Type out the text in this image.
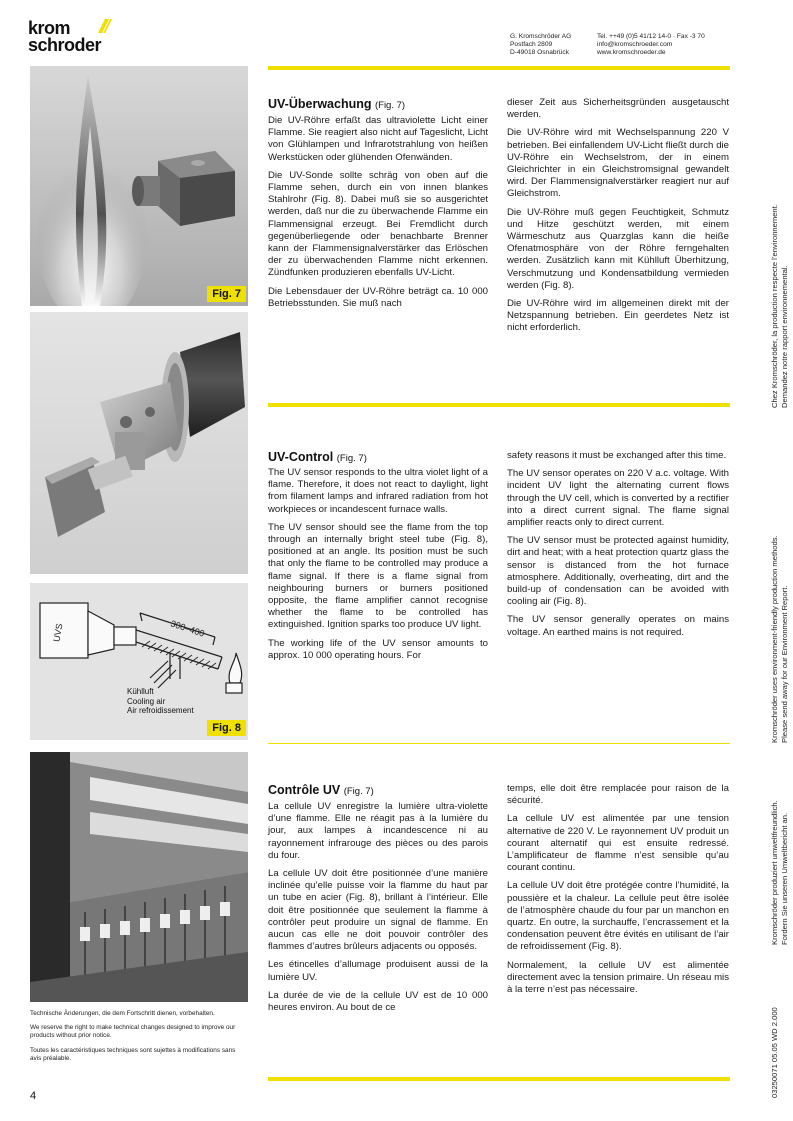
krom
schroder	G. Kromschröder AG
Postfach 2809
D-49018 Osnabrück
Tel. ++49 (0)5 41/12 14-0 · Fax -3 70
info@kromschroeder.com
www.kromschroeder.de
Fig. 7
UVS	300–400
Kühlluft
Cooling air
Air refroidissement
Fig. 8

Technische Änderungen, die dem Fortschritt dienen, vorbehalten.

We reserve the right to make technical changes designed to improve our products without prior notice.

Toutes les caractéristiques techniques sont sujettes à modifications sans avis préalable.

4
UV-Überwachung (Fig. 7)

Die UV-Röhre erfaßt das ultraviolette Licht einer Flamme. Sie reagiert also nicht auf Tageslicht, Licht von Glühlampen und Infrarotstrahlung von heißen Werkstücken oder glühenden Ofenwänden.

Die UV-Sonde sollte schräg von oben auf die Flamme sehen, durch ein von innen blankes Stahlrohr (Fig. 8). Dabei muß sie so ausgerichtet werden, daß nur die zu überwachende Flamme ein Flammensignal erzeugt. Bei Fremdlicht durch gegenüberliegende oder benachbarte Brenner kann der Flammensignalverstärker das Erlöschen der zu überwachenden Flamme nicht erkennen. Zündfunken produzieren ebenfalls UV-Licht.

Die Lebensdauer der UV-Röhre beträgt ca. 10 000 Betriebsstunden. Sie muß nach

dieser Zeit aus Sicherheitsgründen ausgetauscht werden.

Die UV-Röhre wird mit Wechselspannung 220 V betrieben. Bei einfallendem UV-Licht fließt durch die UV-Röhre ein Wechselstrom, der in einem Gleichrichter in ein Gleichstromsignal gewandelt wird. Der Flammensignalverstärker reagiert nur auf Gleichstrom.

Die UV-Röhre muß gegen Feuchtigkeit, Schmutz und Hitze geschützt werden, mit einem Wärmeschutz aus Quarzglas kann die heiße Ofenatmosphäre von der Röhre ferngehalten werden. Zusätzlich kann mit Kühlluft Überhitzung, Verschmutzung und Kondensatbildung vermieden werden (Fig. 8).

Die UV-Röhre wird im allgemeinen direkt mit der Netzspannung betrieben. Ein geerdetes Netz ist nicht erforderlich.

UV-Control (Fig. 7)

The UV sensor responds to the ultra violet light of a flame. Therefore, it does not react to daylight, light from filament lamps and infrared radiation from hot workpieces or incandescent furnace walls.

The UV sensor should see the flame from the top through an internally bright steel tube (Fig. 8), positioned at an angle. Its position must be such that only the flame to be controlled may produce a flame signal. If there is a flame signal from neighbouring burners or burners positioned opposite, the flame amplifier cannot recognise whether the flame to be controlled has extinguished. Ignition sparks too produce UV light.

The working life of the UV sensor amounts to approx. 10 000 operating hours. For

safety reasons it must be exchanged after this time.

The UV sensor operates on 220 V a.c. voltage. With incident UV light the alternating current flows through the UV cell, which is converted by a rectifier into a direct current signal. The flame signal amplifier reacts only to direct current.

The UV sensor must be protected against humidity, dirt and heat; with a heat protection quartz glass the sensor is distanced from the hot furnace atmosphere. Additionally, overheating, dirt and the build-up of condensation can be avoided with cooling air (Fig. 8).

The UV sensor generally operates on mains voltage. An earthed mains is not required.

Contrôle UV (Fig. 7)

La cellule UV enregistre la lumière ultra-violette d’une flamme. Elle ne réagit pas à la lumière du jour, aux lampes à incandescence ni au rayonnement infrarouge des pièces ou des parois du four.

La cellule UV doit être positionnée d’une manière inclinée qu’elle puisse voir la flamme du haut par un tube en acier (Fig. 8), brillant à l’intérieur. Elle doit être positionnée que seulement la flamme à contrôler peut produire un signal de flamme. En aucun cas elle ne doit pouvoir contrôler des flammes d’autres brûleurs adjacents ou opposés.

Les étincelles d’allumage produisent aussi de la lumière UV.

La durée de vie de la cellule UV est de 10 000 heures environ. Au bout de ce

temps, elle doit être remplacée pour raison de la sécurité.

La cellule UV est alimentée par une tension alternative de 220 V. Le rayonnement UV produit un courant alternatif qui est ensuite redressé. L’amplificateur de flamme n’est sensible qu’au courant continu.

La cellule UV doit être protégée contre l’humidité, la poussière et la chaleur. La cellule peut être isolée de l’atmosphère chaude du four par un manchon en quartz. En outre, la surchauffe, l’encrassement et la condensation peuvent être évités en utilisant de l’air de refroidissement (Fig. 8).

Normalement, la cellule UV est alimentée directement avec la tension primaire. Un réseau mis à la terre n’est pas nécessaire.

Chez Kromschröder, la production respecte l’environnement. Demandez notre rapport environnemental.
Kromschröder uses environment-friendly production methods. Please send away for our Environment Report.
Kromschröder produziert umweltfreundlich. Fordern Sie unseren Umweltbericht an.
03250071 05.05 WD 2.000
